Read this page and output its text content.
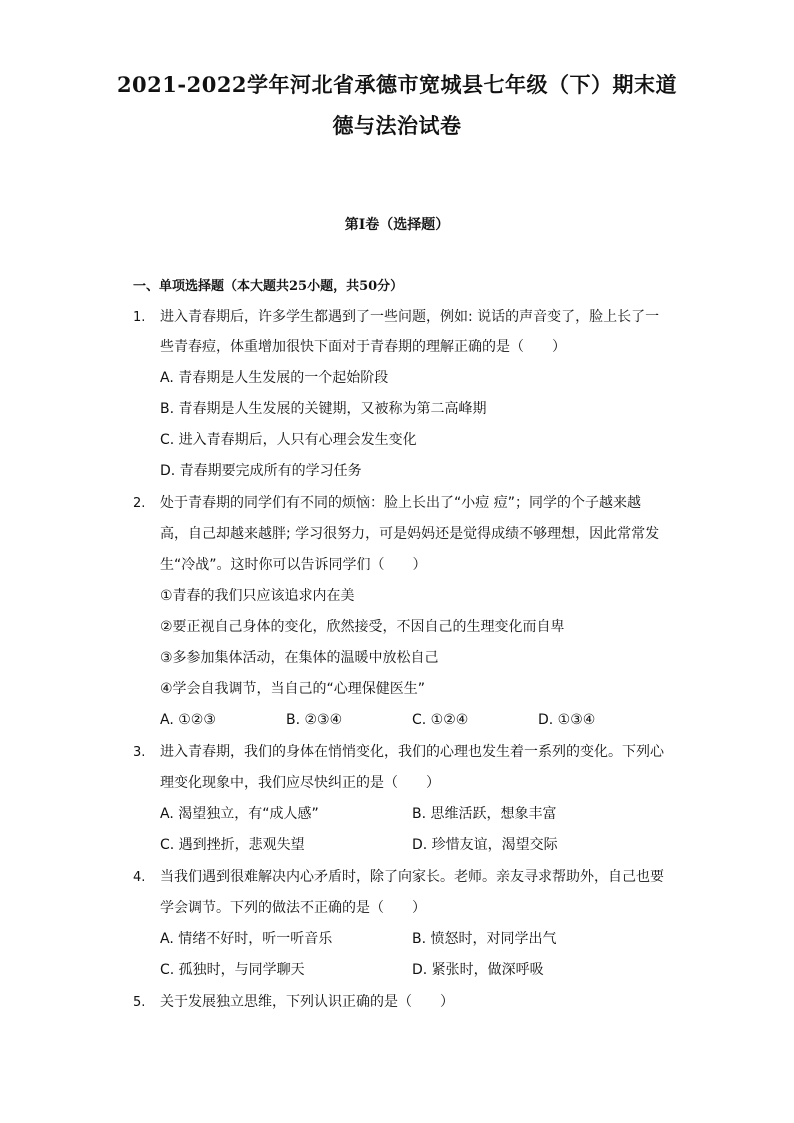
2021-2022学年河北省承德市宽城县七年级（下）期末道
德与法治试卷
第I卷（选择题）
一、单项选择题（本大题共25小题，共50分）
1. 进入青春期后，许多学生都遇到了一些问题，例如: 说话的声音变了，脸上长了一
些青春痘，体重增加很快下面对于青春期的理解正确的是（　　）
A. 青春期是人生发展的一个起始阶段
B. 青春期是人生发展的关键期，又被称为第二高峰期
C. 进入青春期后，人只有心理会发生变化
D. 青春期要完成所有的学习任务
2. 处于青春期的同学们有不同的烦恼：脸上长出了“小痘 痘”；同学的个子越来越
高，自己却越来越胖; 学习很努力，可是妈妈还是觉得成绩不够理想，因此常常发
生“冷战”。这时你可以告诉同学们（　　）
①青春的我们只应该追求内在美
②要正视自己身体的变化，欣然接受，不因自己的生理变化而自卑
③多参加集体活动，在集体的温暖中放松自己
④学会自我调节，当自己的“心理保健医生”
A. ①②③	B. ②③④	C. ①②④	D. ①③④
3. 进入青春期，我们的身体在悄悄变化，我们的心理也发生着一系列的变化。下列心
理变化现象中，我们应尽快纠正的是（　　）
A. 渴望独立，有“成人感”	B. 思维活跃，想象丰富
C. 遇到挫折，悲观失望	D. 珍惜友谊，渴望交际
4. 当我们遇到很难解决内心矛盾时，除了向家长。老师。亲友寻求帮助外，自己也要
学会调节。下列的做法不正确的是（　　）
A. 情绪不好时，听一听音乐	B. 愤怒时，对同学出气
C. 孤独时，与同学聊天	D. 紧张时，做深呼吸
5. 关于发展独立思维，下列认识正确的是（　　）
